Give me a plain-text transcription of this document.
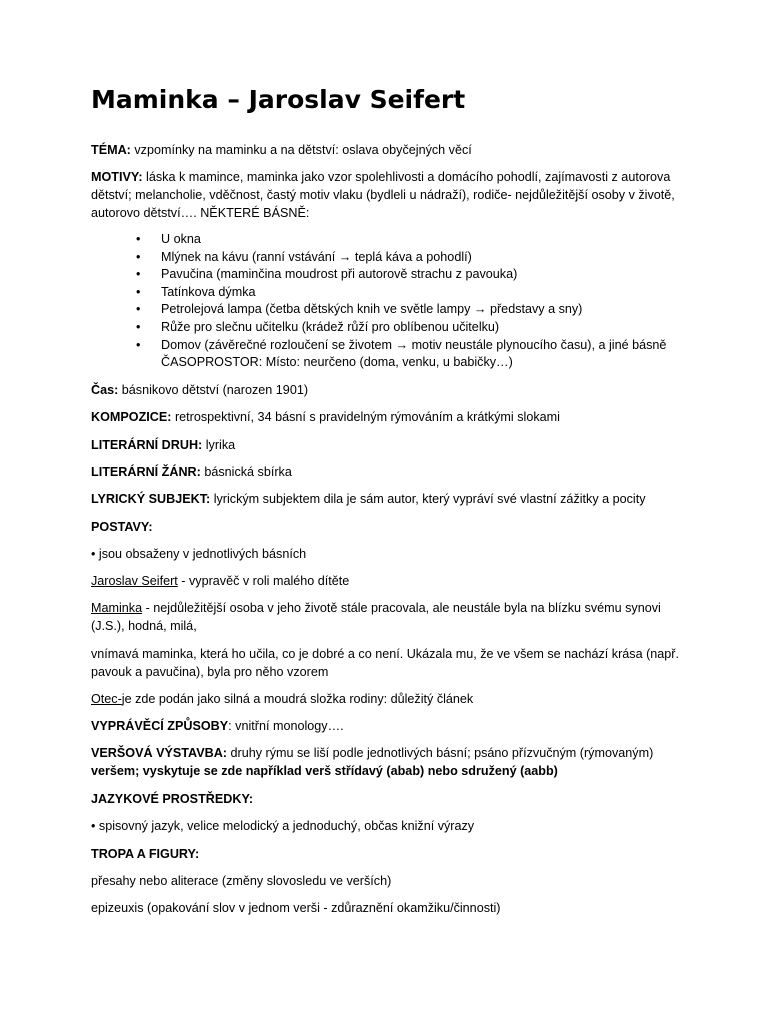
Maminka – Jaroslav Seifert

TÉMA: vzpomínky na maminku a na dětství: oslava obyčejných věcí

MOTIVY: láska k mamince, maminka jako vzor spolehlivosti a domácího pohodlí, zajímavosti z autorova dětství; melancholie, vděčnost, častý motiv vlaku (bydleli u nádraží), rodiče- nejdůležitější osoby v životě, autorovo dětství…. NĚKTERÉ BÁSNĚ:

• U okna
• Mlýnek na kávu (ranní vstávání → teplá káva a pohodlí)
• Pavučina (maminčina moudrost při autorově strachu z pavouka)
• Tatínkova dýmka
• Petrolejová lampa (četba dětských knih ve světle lampy → představy a sny)
• Růže pro slečnu učitelku (krádež růží pro oblíbenou učitelku)
• Domov (závěrečné rozloučení se životem → motiv neustále plynoucího času), a jiné básně ČASOPROSTOR: Místo: neurčeno (doma, venku, u babičky…)

Čas: básnikovo dětství (narozen 1901)

KOMPOZICE: retrospektivní, 34 básní s pravidelným rýmováním a krátkými slokami

LITERÁRNÍ DRUH: lyrika

LITERÁRNÍ ŽÁNR: básnická sbírka

LYRICKÝ SUBJEKT: lyrickým subjektem dila je sám autor, který vypráví své vlastní zážitky a pocity

POSTAVY:

• jsou obsaženy v jednotlivých básních

Jaroslav Seifert - vypravěč v roli malého dítěte

Maminka - nejdůležitější osoba v jeho životě stále pracovala, ale neustále byla na blízku svému synovi (J.S.), hodná, milá,

vnímavá maminka, která ho učila, co je dobré a co není. Ukázala mu, že ve všem se nachází krása (např. pavouk a pavučina), byla pro něho vzorem

Otec-je zde podán jako silná a moudrá složka rodiny: důležitý článek

VYPRÁVĚCÍ ZPŮSOBY: vnitřní monology….

VERŠOVÁ VÝSTAVBA: druhy rýmu se liší podle jednotlivých básní; psáno přízvučným (rýmovaným) veršem; vyskytuje se zde například verš střídavý (abab) nebo sdružený (aabb)

JAZYKOVÉ PROSTŘEDKY:

• spisovný jazyk, velice melodický a jednoduchý, občas knižní výrazy

TROPA A FIGURY:

přesahy nebo aliterace (změny slovosledu ve verších)

epizeuxis (opakování slov v jednom verši - zdůraznění okamžiku/činnosti)
